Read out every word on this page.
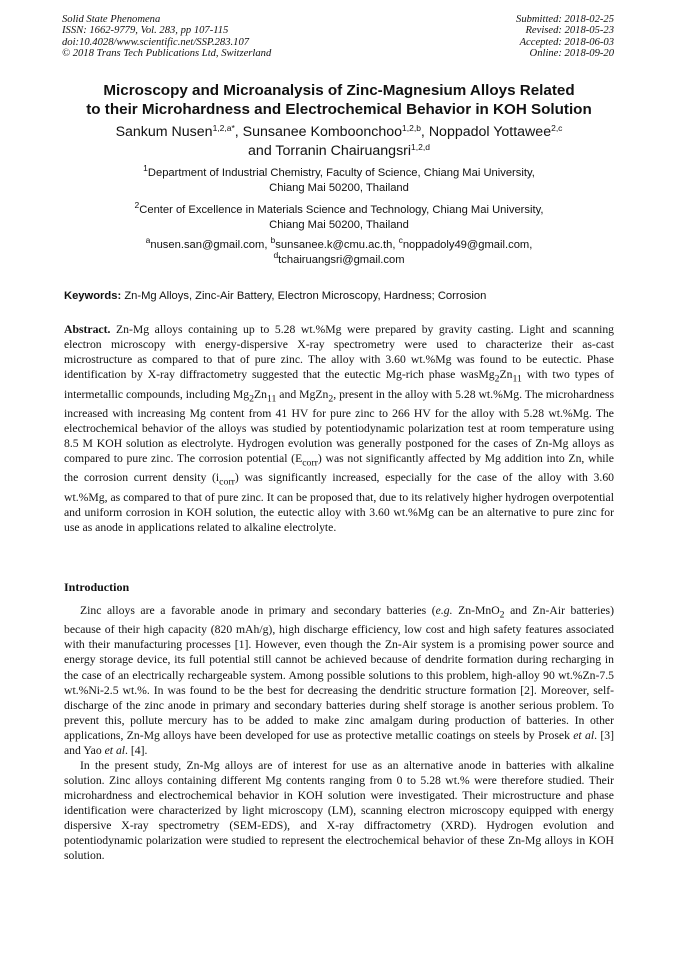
Solid State Phenomena
ISSN: 1662-9779, Vol. 283, pp 107-115
doi:10.4028/www.scientific.net/SSP.283.107
© 2018 Trans Tech Publications Ltd, Switzerland
Submitted: 2018-02-25
Revised: 2018-05-23
Accepted: 2018-06-03
Online: 2018-09-20
Microscopy and Microanalysis of Zinc-Magnesium Alloys Related
to their Microhardness and Electrochemical Behavior in KOH Solution
Sankum Nusen$^{1,2,a*}$, Sunsanee Komboonchoo$^{1,2,b}$, Noppadol Yottawee$^{2,c}$
and Torranin Chairuangsri$^{1,2,d}$
$^1$Department of Industrial Chemistry, Faculty of Science, Chiang Mai University,
Chiang Mai 50200, Thailand
$^2$Center of Excellence in Materials Science and Technology, Chiang Mai University,
Chiang Mai 50200, Thailand
$^a$nusen.san@gmail.com, $^b$sunsanee.k@cmu.ac.th, $^c$noppadoly49@gmail.com,
$^d$tchairuangsri@gmail.com
Keywords: Zn-Mg Alloys, Zinc-Air Battery, Electron Microscopy, Hardness; Corrosion
Abstract. Zn-Mg alloys containing up to 5.28 wt.%Mg were prepared by gravity casting. Light and scanning electron microscopy with energy-dispersive X-ray spectrometry were used to characterize their as-cast microstructure as compared to that of pure zinc. The alloy with 3.60 wt.%Mg was found to be eutectic. Phase identification by X-ray diffractometry suggested that the eutectic Mg-rich phase $wasMg_2Zn_{11}$ with two types of intermetallic compounds, including $Mg_2Zn_{11}$ and MgZn$_2$, present in the alloy with 5.28 wt.%Mg. The microhardness increased with increasing Mg content from 41 HV for pure zinc to 266 HV for the alloy with 5.28 wt.%Mg. The electrochemical behavior of the alloys was studied by potentiodynamic polarization test at room temperature using 8.5 M KOH solution as electrolyte. Hydrogen evolution was generally postponed for the cases of Zn-Mg alloys as compared to pure zinc. The corrosion potential $(E_{corr})$ was not significantly affected by Mg addition into Zn, while the corrosion current density $(i_{corr})$ was significantly increased, especially for the case of the alloy with 3.60 wt.%Mg, as compared to that of pure zinc. It can be proposed that, due to its relatively higher hydrogen overpotential and uniform corrosion in KOH solution, the eutectic alloy with 3.60 wt.%Mg can be an alternative to pure zinc for use as anode in applications related to alkaline electrolyte.
Introduction

Zinc alloys are a favorable anode in primary and secondary batteries (e.g. Zn-MnO$_2$ and Zn-Air batteries) because of their high capacity (820 mAh/g), high discharge efficiency, low cost and high safety features associated with their manufacturing processes [1]. However, even though the Zn-Air system is a promising power source and energy storage device, its full potential still cannot be achieved because of dendrite formation during recharging in the case of an electrically rechargeable system. Among possible solutions to this problem, high-alloy 90 wt.%Zn-7.5 wt.%Ni-2.5 wt.%. In was found to be the best for decreasing the dendritic structure formation [2]. Moreover, self-discharge of the zinc anode in primary and secondary batteries during shelf storage is another serious problem. To prevent this, pollute mercury has to be added to make zinc amalgam during production of batteries. In other applications, Zn-Mg alloys have been developed for use as protective metallic coatings on steels by Prosek et al. [3] and Yao et al. [4].

In the present study, Zn-Mg alloys are of interest for use as an alternative anode in batteries with alkaline solution. Zinc alloys containing different Mg contents ranging from 0 to 5.28 wt.% were therefore studied. Their microhardness and electrochemical behavior in KOH solution were investigated. Their microstructure and phase identification were characterized by light microscopy (LM), scanning electron microscopy equipped with energy dispersive X-ray spectrometry (SEM-EDS), and X-ray diffractometry (XRD). Hydrogen evolution and potentiodynamic polarization were studied to represent the electrochemical behavior of these Zn-Mg alloys in KOH solution.
